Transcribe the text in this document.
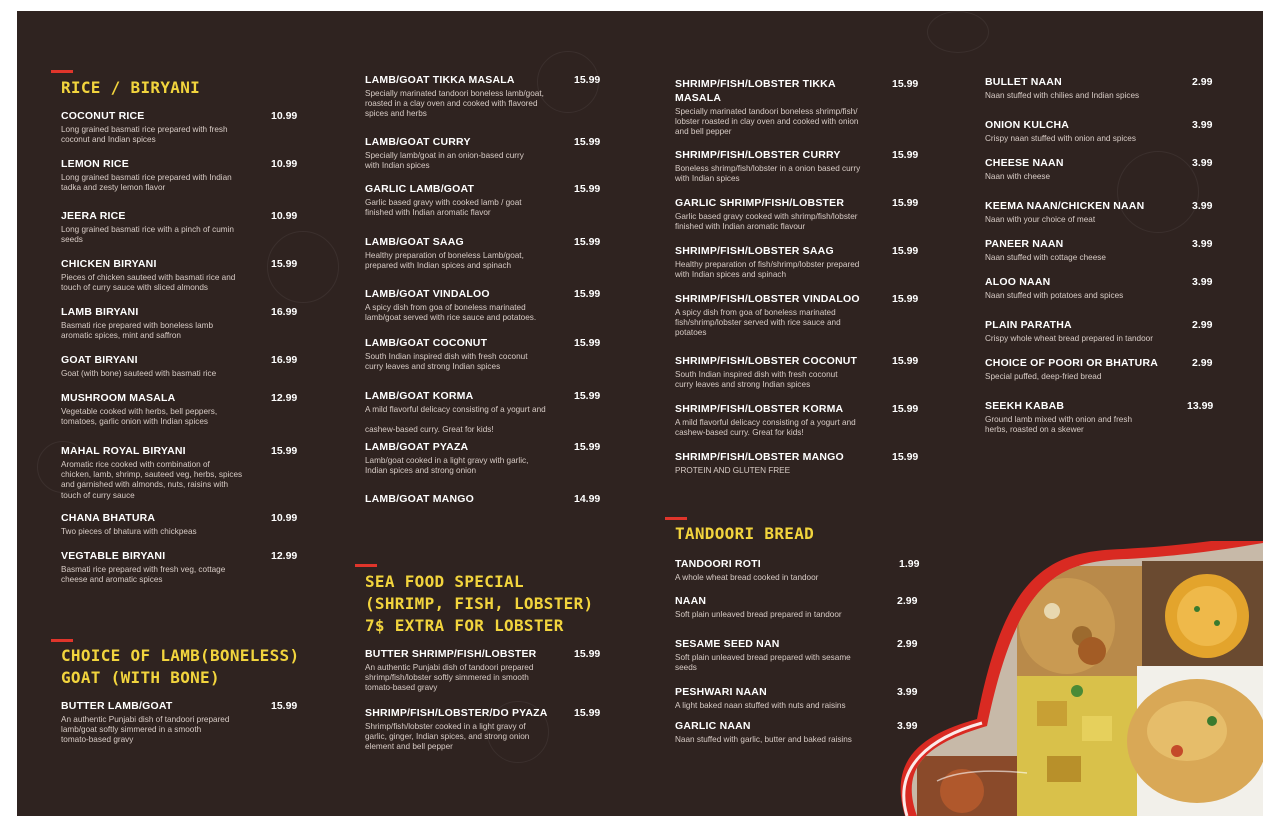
RICE / BIRYANI
COCONUT RICE	10.99
Long grained basmati rice prepared with fresh
coconut and Indian spices
LEMON RICE	10.99
Long grained basmati rice prepared with Indian
tadka and zesty lemon flavor
JEERA RICE	10.99
Long grained basmati rice with a pinch of cumin
seeds
CHICKEN BIRYANI	15.99
Pieces of chicken sauteed with basmati rice and
touch of curry sauce with sliced almonds
LAMB BIRYANI	16.99
Basmati rice prepared with boneless lamb
aromatic spices, mint and saffron
GOAT BIRYANI	16.99
Goat (with bone) sauteed with basmati rice
MUSHROOM MASALA	12.99
Vegetable cooked with herbs, bell peppers,
tomatoes, garlic onion with Indian spices
MAHAL ROYAL BIRYANI	15.99
Aromatic rice cooked with combination of
chicken, lamb, shrimp, sauteed veg, herbs, spices
and garnished with almonds, nuts, raisins with
touch of curry sauce
CHANA BHATURA	10.99
Two pieces of bhatura with chickpeas
VEGTABLE BIRYANI	12.99
Basmati rice prepared with fresh veg, cottage
cheese and aromatic spices
CHOICE OF LAMB(BONELESS)
GOAT (WITH BONE)
BUTTER LAMB/GOAT	15.99
An authentic Punjabi dish of tandoori prepared
lamb/goat softly simmered in a smooth
tomato-based gravy
LAMB/GOAT TIKKA MASALA	15.99
Specially marinated tandoori boneless lamb/goat,
roasted in a clay oven and cooked with flavored
spices and herbs
LAMB/GOAT CURRY	15.99
Specially lamb/goat in an onion-based curry
with Indian spices
GARLIC LAMB/GOAT	15.99
Garlic based gravy with cooked lamb / goat
finished with Indian aromatic flavor
LAMB/GOAT SAAG	15.99
Healthy preparation of boneless Lamb/goat,
prepared with Indian spices and spinach
LAMB/GOAT VINDALOO	15.99
A spicy dish from goa of boneless marinated
lamb/goat served with rice sauce and potatoes.
LAMB/GOAT COCONUT	15.99
South Indian inspired dish with fresh coconut
curry leaves and strong Indian spices
LAMB/GOAT KORMA	15.99
A mild flavorful delicacy consisting of a yogurt and

cashew-based curry. Great for kids!
LAMB/GOAT PYAZA	15.99
Lamb/goat cooked in a light gravy with garlic,
Indian spices and strong onion
LAMB/GOAT MANGO	14.99
SEA FOOD SPECIAL
(SHRIMP, FISH, LOBSTER)
7$ EXTRA FOR LOBSTER
BUTTER SHRIMP/FISH/LOBSTER	15.99
An authentic Punjabi dish of tandoori prepared
shrimp/fish/lobster softly simmered in smooth
tomato-based gravy
SHRIMP/FISH/LOBSTER/DO PYAZA	15.99
Shrimp/fish/lobster cooked in a light gravy of
garlic, ginger, Indian spices, and strong onion
element and bell pepper
SHRIMP/FISH/LOBSTER TIKKA
MASALA
15.99
Specially marinated tandoori boneless shrimp/fish/
lobster roasted in clay oven and cooked with onion
and bell pepper
SHRIMP/FISH/LOBSTER CURRY	15.99
Boneless shrimp/fish/lobster in a onion based curry
with Indian spices
GARLIC SHRIMP/FISH/LOBSTER	15.99
Garlic based gravy cooked with shrimp/fish/lobster
finished with Indian aromatic flavour
SHRIMP/FISH/LOBSTER SAAG	15.99
Healthy preparation of fish/shrimp/lobster prepared
with Indian spices and spinach
SHRIMP/FISH/LOBSTER VINDALOO	15.99
A spicy dish from goa of boneless marinated
fish/shrimp/lobster served with rice sauce and
potatoes
SHRIMP/FISH/LOBSTER COCONUT	15.99
South Indian inspired dish with fresh coconut
curry leaves and strong Indian spices
SHRIMP/FISH/LOBSTER KORMA	15.99
A mild flavorful delicacy consisting of a yogurt and
cashew-based curry. Great for kids!
SHRIMP/FISH/LOBSTER MANGO	15.99
PROTEIN AND GLUTEN FREE
TANDOORI BREAD
TANDOORI ROTI	1.99
A whole wheat bread cooked in tandoor
NAAN	2.99
Soft plain unleaved bread prepared in tandoor
SESAME SEED NAN	2.99
Soft plain unleaved bread prepared with sesame
seeds
PESHWARI NAAN	3.99
A light baked naan stuffed with nuts and raisins
GARLIC NAAN	3.99
Naan stuffed with garlic, butter and baked raisins
BULLET NAAN	2.99
Naan stuffed with chilies and Indian spices
ONION KULCHA	3.99
Crispy naan stuffed with onion and spices
CHEESE NAAN	3.99
Naan with cheese
KEEMA NAAN/CHICKEN NAAN	3.99
Naan with your choice of meat
PANEER NAAN	3.99
Naan stuffed with cottage cheese
ALOO NAAN	3.99
Naan stuffed with potatoes and spices
PLAIN PARATHA	2.99
Crispy whole wheat bread prepared in tandoor
CHOICE OF POORI OR BHATURA	2.99
Special puffed, deep-fried bread
SEEKH KABAB	13.99
Ground lamb mixed with onion and fresh
herbs, roasted on a skewer
